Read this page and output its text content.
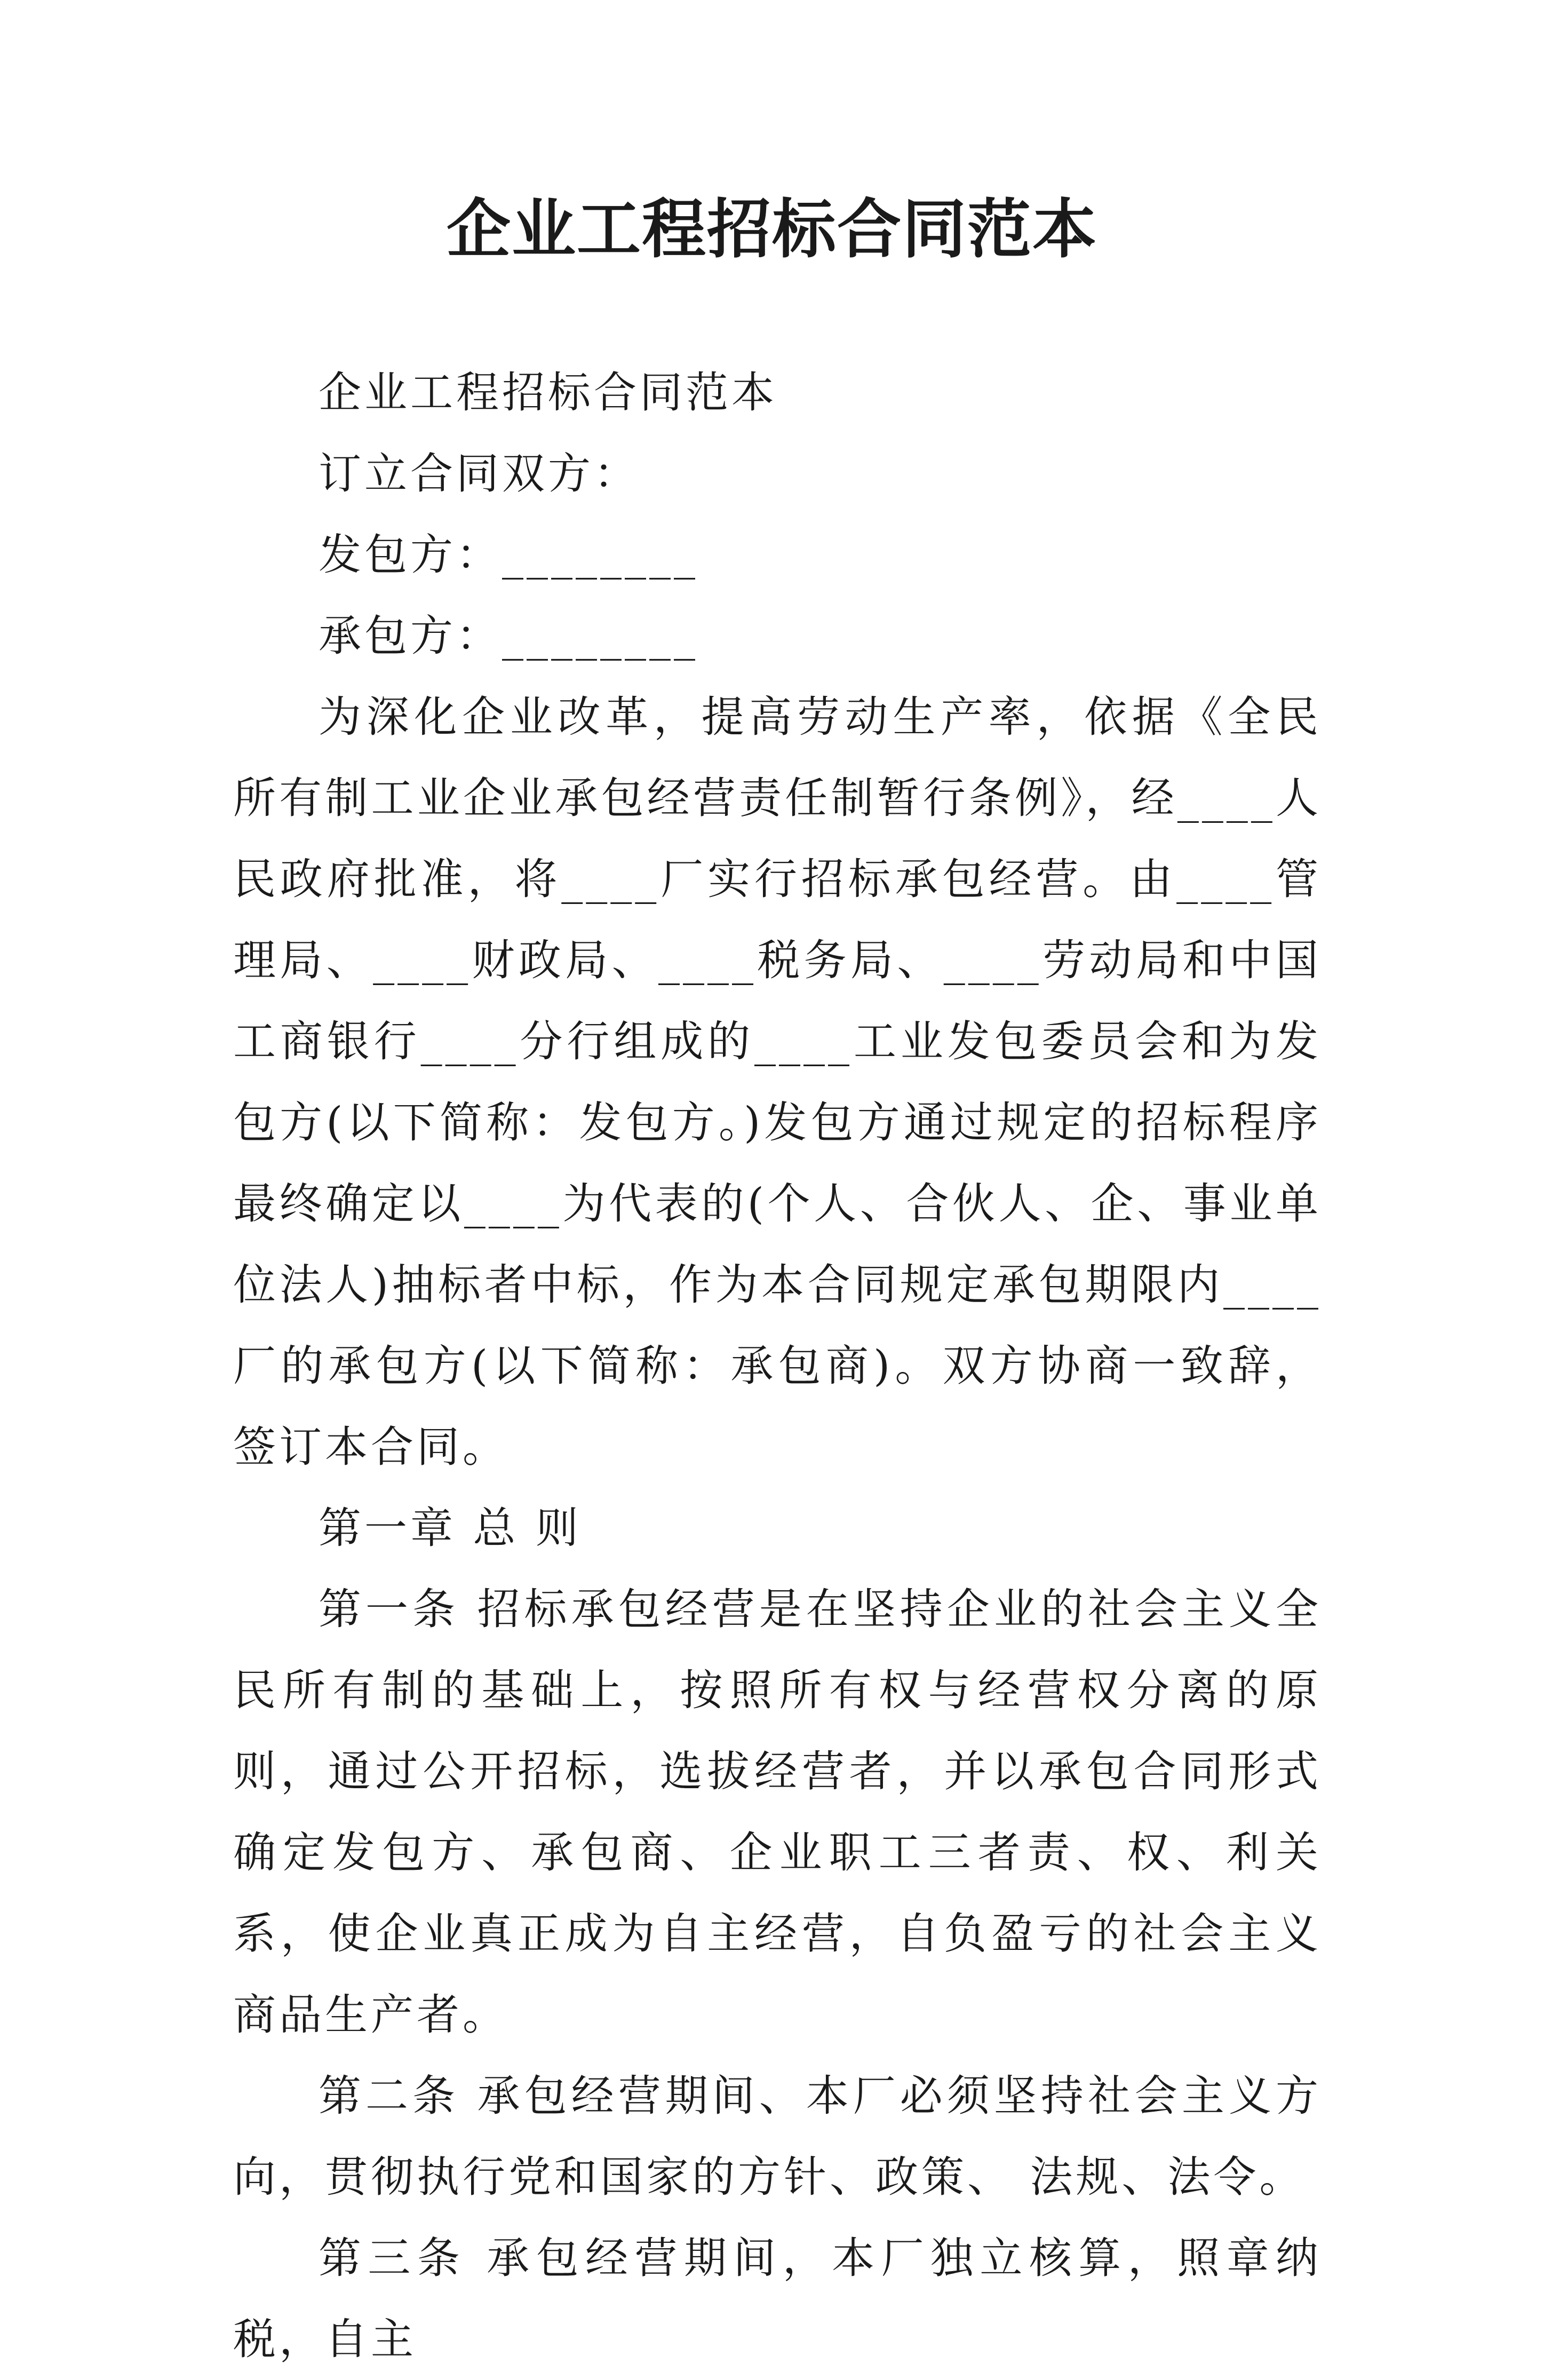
企业工程招标合同范本

企业工程招标合同范本

订立合同双方：

发包方：________

承包方：________

为深化企业改革，提高劳动生产率，依据《全民所有制工业企业承包经营责任制暂行条例》，经____人民政府批准，将____厂实行招标承包经营。由____管理局、____财政局、____税务局、____劳动局和中国工商银行____分行组成的____工业发包委员会和为发包方(以下简称：发包方。)发包方通过规定的招标程序最终确定以____为代表的(个人、合伙人、企、事业单位法人)抽标者中标，作为本合同规定承包期限内____厂的承包方(以下简称：承包商)。双方协商一致辞，签订本合同。

第一章 总 则

第一条 招标承包经营是在坚持企业的社会主义全民所有制的基础上，按照所有权与经营权分离的原则，通过公开招标，选拔经营者，并以承包合同形式确定发包方、承包商、企业职工三者责、权、利关系，使企业真正成为自主经营，自负盈亏的社会主义商品生产者。

第二条 承包经营期间、本厂必须坚持社会主义方向，贯彻执行党和国家的方针、政策、 法规、法令。

第三条 承包经营期间，本厂独立核算，照章纳税，自主
